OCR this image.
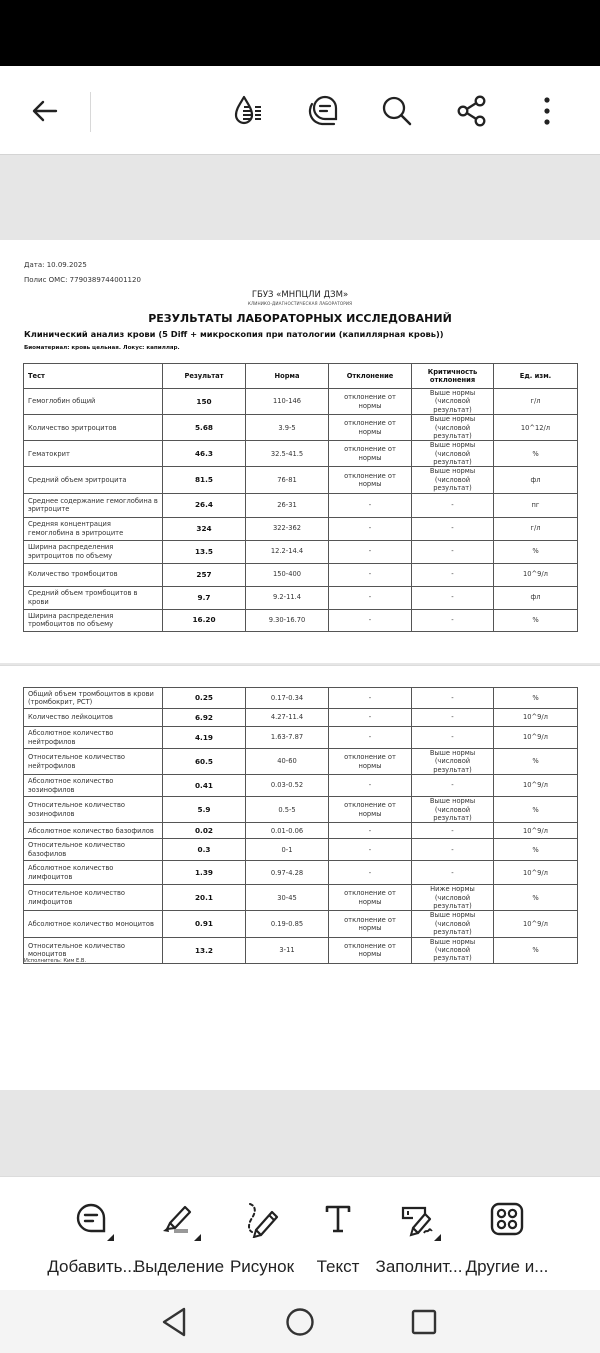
Дата: 10.09.2025
Полис ОМС: 7790389744001120
ГБУЗ «МНПЦЛИ ДЗМ»
КЛИНИКО-ДИАГНОСТИЧЕСКАЯ ЛАБОРАТОРИЯ
РЕЗУЛЬТАТЫ ЛАБОРАТОРНЫХ ИССЛЕДОВАНИЙ
Клинический анализ крови (5 Diff + микроскопия при патологии (капиллярная кровь))
Биоматериал: кровь цельная. Локус: капилляр.
Тест	Результат	Норма	Отклонение	Критичность отклонения	Ед. изм.
Гемоглобин общий	150	110-146	отклонение от нормы	Выше нормы (числовой результат)	г/л
Количество эритроцитов	5.68	3.9-5	отклонение от нормы	Выше нормы (числовой результат)	10^12/л
Гематокрит	46.3	32.5-41.5	отклонение от нормы	Выше нормы (числовой результат)	%
Средний объем эритроцита	81.5	76-81	отклонение от нормы	Выше нормы (числовой результат)	фл
Среднее содержание гемоглобина в эритроците	26.4	26-31	-	-	пг
Средняя концентрация гемоглобина в эритроците	324	322-362	-	-	г/л
Ширина распределения эритроцитов по объему	13.5	12.2-14.4	-	-	%
Количество тромбоцитов	257	150-400	-	-	10^9/л
Средний объем тромбоцитов в крови	9.7	9.2-11.4	-	-	фл
Ширина распределения тромбоцитов по объему	16.20	9.30-16.70	-	-	%
Общий объем тромбоцитов в крови (тромбокрит, PCT)	0.25	0.17-0.34	-	-	%
Количество лейкоцитов	6.92	4.27-11.4	-	-	10^9/л
Абсолютное количество нейтрофилов	4.19	1.63-7.87	-	-	10^9/л
Относительное количество нейтрофилов	60.5	40-60	отклонение от нормы	Выше нормы (числовой результат)	%
Абсолютное количество эозинофилов	0.41	0.03-0.52	-	-	10^9/л
Относительное количество эозинофилов	5.9	0.5-5	отклонение от нормы	Выше нормы (числовой результат)	%
Абсолютное количество базофилов	0.02	0.01-0.06	-	-	10^9/л
Относительное количество базофилов	0.3	0-1	-	-	%
Абсолютное количество лимфоцитов	1.39	0.97-4.28	-	-	10^9/л
Относительное количество лимфоцитов	20.1	30-45	отклонение от нормы	Ниже нормы (числовой результат)	%
Абсолютное количество моноцитов	0.91	0.19-0.85	отклонение от нормы	Выше нормы (числовой результат)	10^9/л
Относительное количество моноцитов	13.2	3-11	отклонение от нормы	Выше нормы (числовой результат)	%
Исполнитель: Ким Е.В.
Добавить...
Выделение Рисунок Текст Заполнит... Другие и...
